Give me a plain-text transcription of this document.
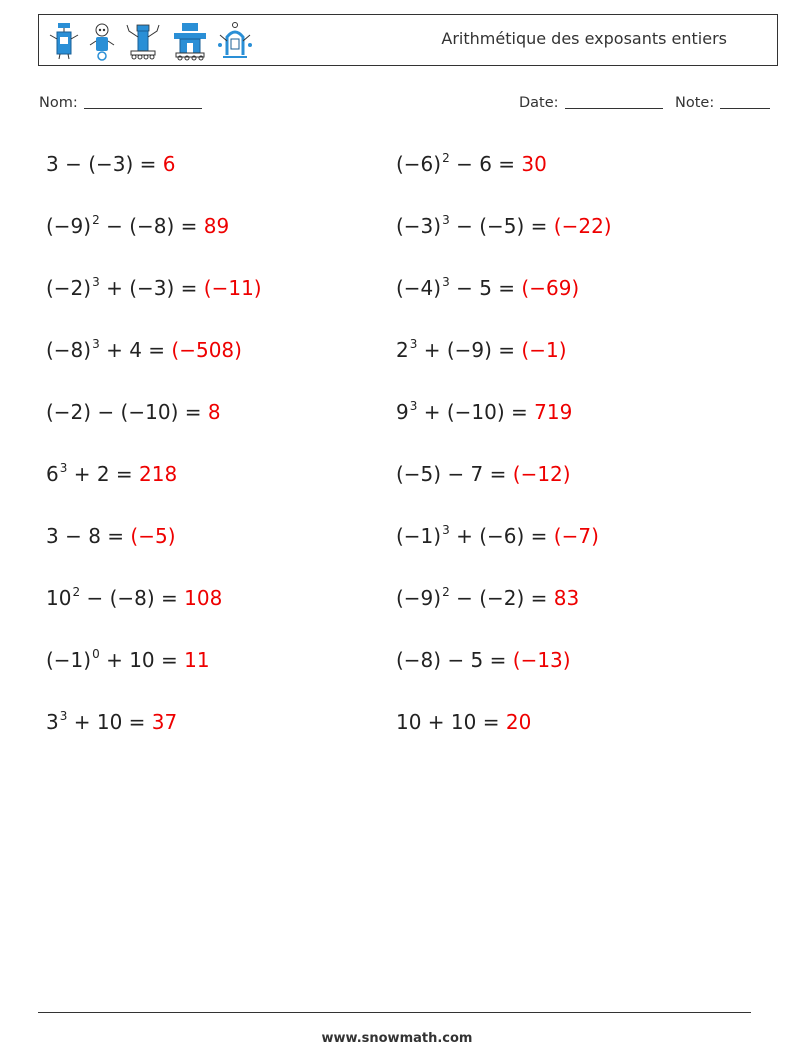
Arithmétique des exposants entiers
Nom:	Date:	Note:
3 − (−3) = 6	$(-6)^2 - 6 = 30$
$(-9)^2 - (-8) = 89$	$(-3)^3 - (-5) = (-22)$
$(-2)^3 + (-3) = (-11)$	$(-4)^3 - 5 = (-69)$
$(-8)^3 + 4 = (-508)$	$2^3 + (-9) = (-1)$
(−2) − (−10) = 8	$9^3 + (-10) = 719$
$6^3 + 2 = 218$	(−5) − 7 = (−12)
3 − 8 = (−5)	$(-1)^3 + (-6) = (-7)$
$10^2 - (-8) = 108$	$(-9)^2 - (-2) = 83$
$(-1)^0 + 10 = 11$	(−8) − 5 = (−13)
$3^3 + 10 = 37$	10 + 10 = 20
www.snowmath.com
